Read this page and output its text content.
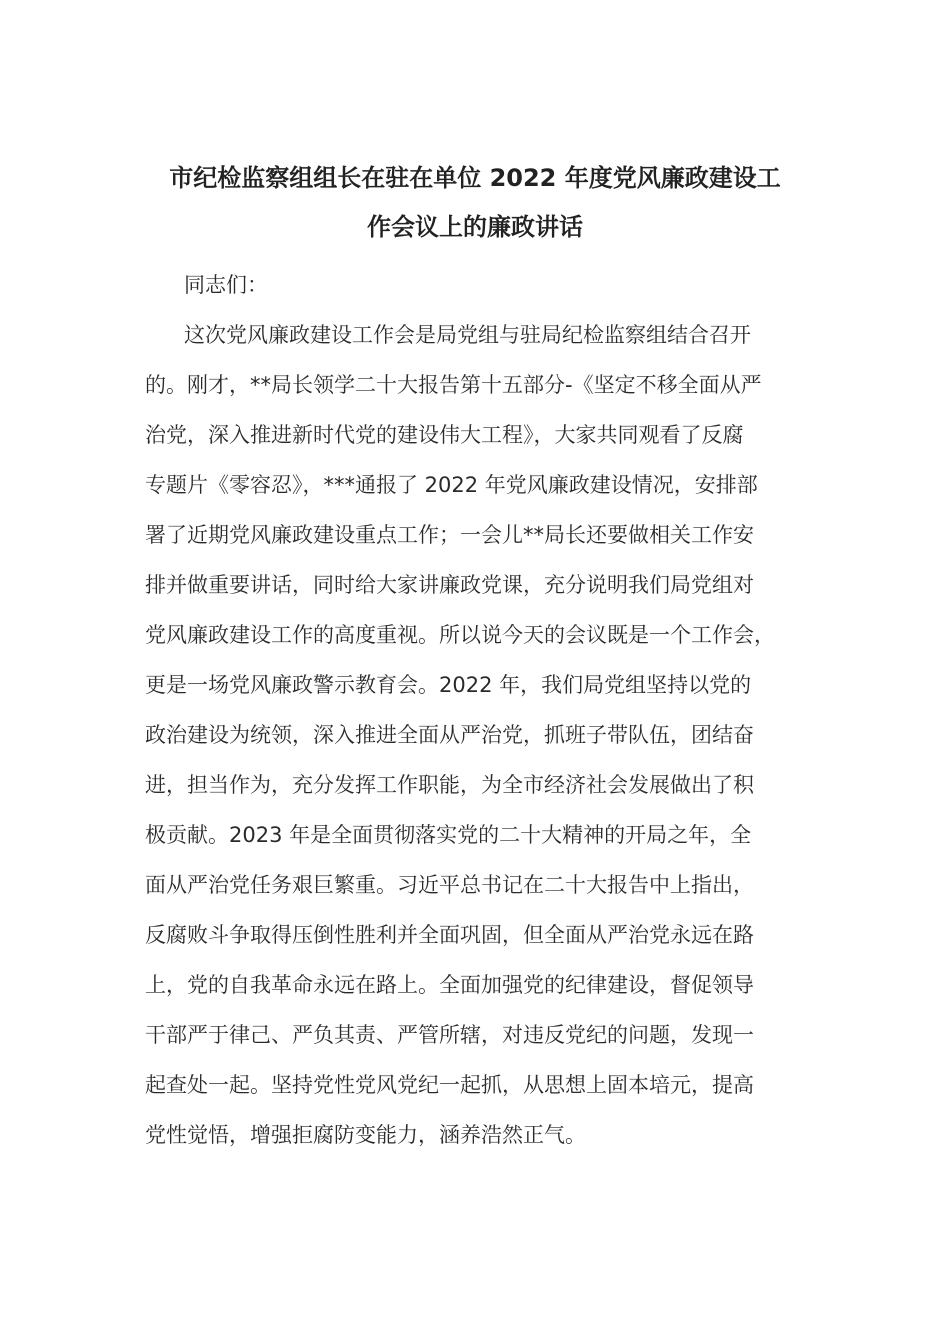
市纪检监察组组长在驻在单位 2022 年度党风廉政建设工
作会议上的廉政讲话
同志们：
这次党风廉政建设工作会是局党组与驻局纪检监察组结合召开
的。刚才，**局长领学二十大报告第十五部分-《坚定不移全面从严
治党，深入推进新时代党的建设伟大工程》，大家共同观看了反腐
专题片《零容忍》，***通报了 2022 年党风廉政建设情况，安排部
署了近期党风廉政建设重点工作；一会儿**局长还要做相关工作安
排并做重要讲话，同时给大家讲廉政党课，充分说明我们局党组对
党风廉政建设工作的高度重视。所以说今天的会议既是一个工作会，
更是一场党风廉政警示教育会。2022 年，我们局党组坚持以党的
政治建设为统领，深入推进全面从严治党，抓班子带队伍，团结奋
进，担当作为，充分发挥工作职能，为全市经济社会发展做出了积
极贡献。2023 年是全面贯彻落实党的二十大精神的开局之年，全
面从严治党任务艰巨繁重。习近平总书记在二十大报告中上指出，
反腐败斗争取得压倒性胜利并全面巩固，但全面从严治党永远在路
上，党的自我革命永远在路上。全面加强党的纪律建设，督促领导
干部严于律己、严负其责、严管所辖，对违反党纪的问题，发现一
起查处一起。坚持党性党风党纪一起抓，从思想上固本培元，提高
党性觉悟，增强拒腐防变能力，涵养浩然正气。
